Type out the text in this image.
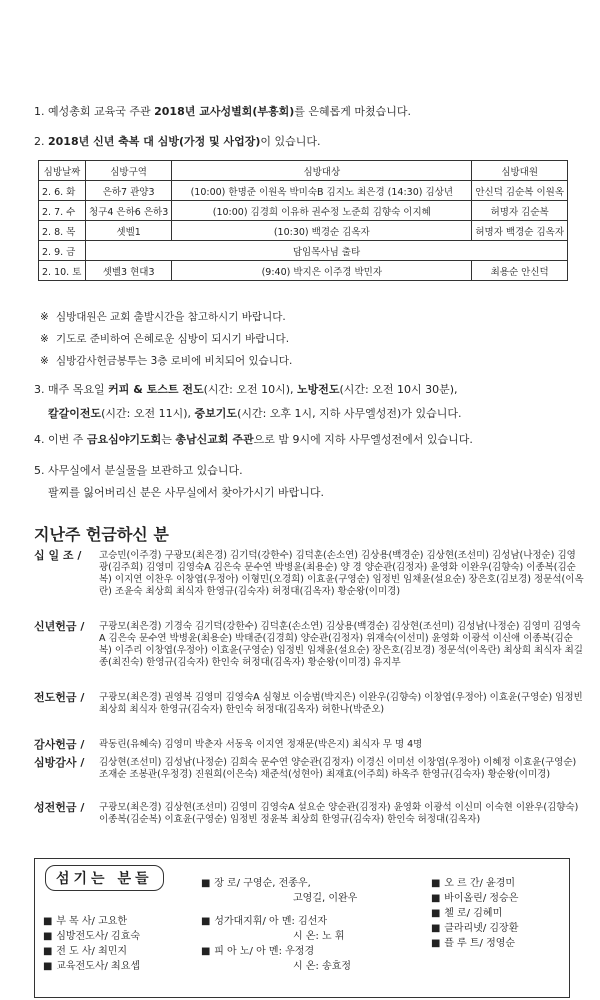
1. 예성총회 교육국 주관 2018년 교사성별회(부흥회)를 은혜롭게 마쳤습니다.
2. 2018년 신년 축복 대 심방(가정 및 사업장)이 있습니다.
심방날짜	심방구역	심방대상	심방대원
2. 6. 화	은하7 관양3	(10:00) 한명준 이원옥 박미숙B 김지노 최은경 (14:30) 김상년	안신덕 김순복 이원옥
2. 7. 수	청구4 은하6 은하3	(10:00) 김경희 이유하 권수정 노준희 김향숙 이지혜	허명자 김순복
2. 8. 목	셋벨1	(10:30) 백경순 김옥자	허명자 백경순 김옥자
2. 9. 금	담임목사님 출타		
2. 10. 토	셋벨3 현대3	(9:40) 박지은 이주경 박민자	최용순 안신덕
※ 심방대원은 교회 출발시간을 참고하시기 바랍니다.
※ 기도로 준비하여 은혜로운 심방이 되시기 바랍니다.
※ 심방감사헌금봉투는 3층 로비에 비치되어 있습니다.
3. 매주 목요일 커피 & 토스트 전도(시간: 오전 10시), 노방전도(시간: 오전 10시 30분),
칼갈이전도(시간: 오전 11시), 중보기도(시간: 오후 1시, 지하 사무엘성전)가 있습니다.
4. 이번 주 금요심야기도회는 총남신교회 주관으로 밤 9시에 지하 사무엘성전에서 있습니다.
5. 사무실에서 분실물을 보관하고 있습니다.
팔찌를 잃어버리신 분은 사무실에서 찾아가시기 바랍니다.
지난주 헌금하신 분
십 일 조 / 고승민(이주경) 구광모(최은경) 김기덕(강한수) 김덕훈(손소연) 김상용(백경순) 김상현(조선미) 김성남(나정순) 김영광(김주희) 김영미 김영숙A 김은숙 문수연 박병윤(최용순) 양 경 양순관(김정자) 윤영화 이완우(김향숙) 이종복(김순복) 이지연 이찬우 이창엽(우정아) 이형민(오경희) 이효윤(구영순) 임정빈 임채윤(설요순) 장은호(김보경) 정문석(이옥란) 조윤숙 최상희 최식자 한영규(김숙자) 허정대(김옥자) 황순왕(이미경)
신년헌금 / 구광모(최은경) 기경숙 김기덕(강한수) 김덕훈(손소연) 김상용(백경순) 김상현(조선미) 김성남(나정순) 김영미 김영숙A 김은숙 문수연 박병윤(최용순) 박태준(김경희) 양순관(김정자) 위재숙(이선미) 윤영화 이광석 이신애 이종복(김순복) 이주리 이창엽(우정아) 이효윤(구영순) 임정빈 임채윤(설요순) 장은호(김보경) 정문석(이옥란) 최상희 최식자 최길종(최진숙) 한영규(김숙자) 한인숙 허정대(김옥자) 황순왕(이미경) 유지부
전도헌금 / 구광모(최은경) 권영복 김영미 김영숙A 심형보 이승범(박지은) 이완우(김향숙) 이창엽(우정아) 이효윤(구영순) 임정빈 최상희 최식자 한영규(김숙자) 한인숙 허정대(김옥자) 허한나(박준오)
감사헌금 / 곽동린(유혜숙) 김영미 박춘자 서동욱 이지연 정재문(박은지) 최식자 무 명 4명
심방감사 / 김상현(조선미) 김성남(나정순) 김희숙 문수연 양순관(김정자) 이경신 이미선 이창엽(우정아) 이혜정 이효윤(구영순) 조재순 조봉관(우정경) 진원희(이은숙) 채준석(성현아) 최재효(이주희) 하옥주 한영규(김숙자) 황순왕(이미경)
성전헌금 / 구광모(최은경) 김상현(조선미) 김영미 김영숙A 설요순 양순관(김정자) 윤영화 이광석 이신미 이숙현 이완우(김향숙) 이종복(김순복) 이효윤(구영순) 임정빈 정윤복 최상희 한영규(김숙자) 한인숙 허정대(김옥자)
섬기는 분들
■ 부 목 사/ 고요한
■ 심방전도사/ 김효숙
■ 전 도 사/ 최민지
■ 교육전도사/ 최요셉
■ 장 로/ 구영순, 전종우,
고영길, 이완우
■ 성가대지휘/ 아 멘: 김선자
시 온: 노 휘
■ 피 아 노/ 아 멘: 우정경
시 온: 송효정
■ 오 르 간/ 윤경미
■ 바이올린/ 정승은
■ 첼 로/ 김혜미
■ 클라리넷/ 김장환
■ 플 루 트/ 정영순
